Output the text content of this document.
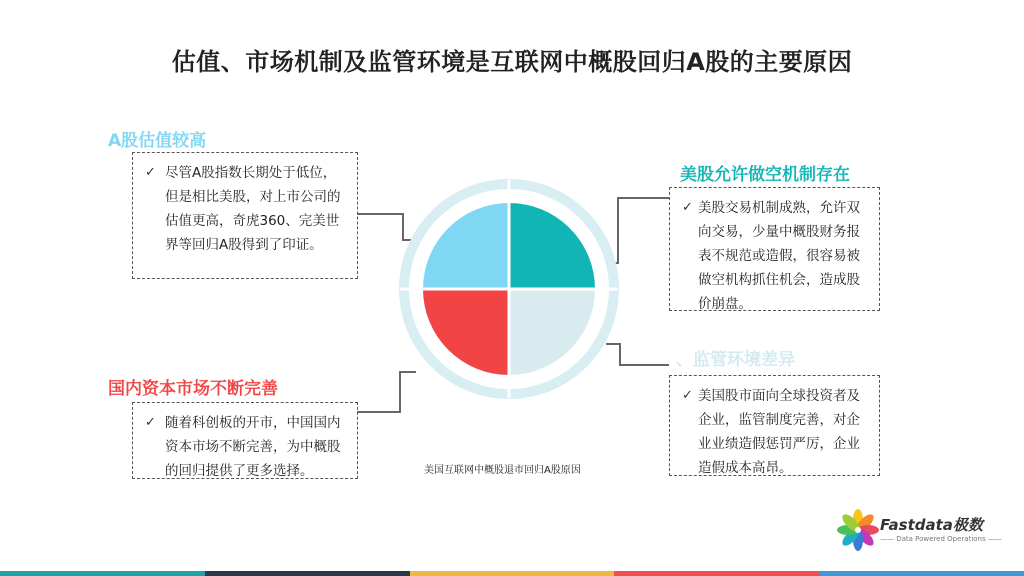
估值、市场机制及监管环境是互联网中概股回归A股的主要原因
A股估值较高
✓ 尽管A股指数长期处于低位，但是相比美股，对上市公司的估值更高，奇虎360、完美世界等回归A股得到了印证。
美股允许做空机制存在
✓ 美股交易机制成熟，允许双向交易，少量中概股财务报表不规范或造假，很容易被做空机构抓住机会，造成股价崩盘。
国内资本市场不断完善
✓ 随着科创板的开市，中国国内资本市场不断完善，为中概股的回归提供了更多选择。
、监管环境差异
✓ 美国股市面向全球投资者及企业，监管制度完善，对企业业绩造假惩罚严厉，企业造假成本高昂。
美国互联网中概股退市回归A股原因
Fastdata极数
—— Data Powered Operations ——
